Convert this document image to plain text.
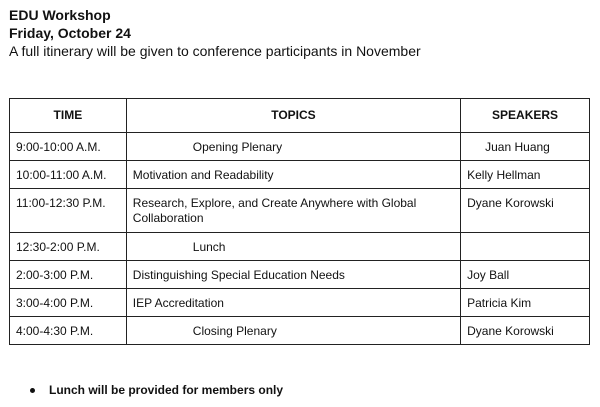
EDU Workshop
Friday, October 24
A full itinerary will be given to conference participants in November
TIME	TOPICS	SPEAKERS
9:00-10:00 A.M.	Opening Plenary	Juan Huang
10:00-11:00 A.M.	Motivation and Readability	Kelly Hellman
11:00-12:30 P.M.	Research, Explore, and Create Anywhere with Global Collaboration	Dyane Korowski
12:30-2:00 P.M.	Lunch	
2:00-3:00 P.M.	Distinguishing Special Education Needs	Joy Ball
3:00-4:00 P.M.	IEP Accreditation	Patricia Kim
4:00-4:30 P.M.	Closing Plenary	Dyane Korowski
Lunch will be provided for members only
